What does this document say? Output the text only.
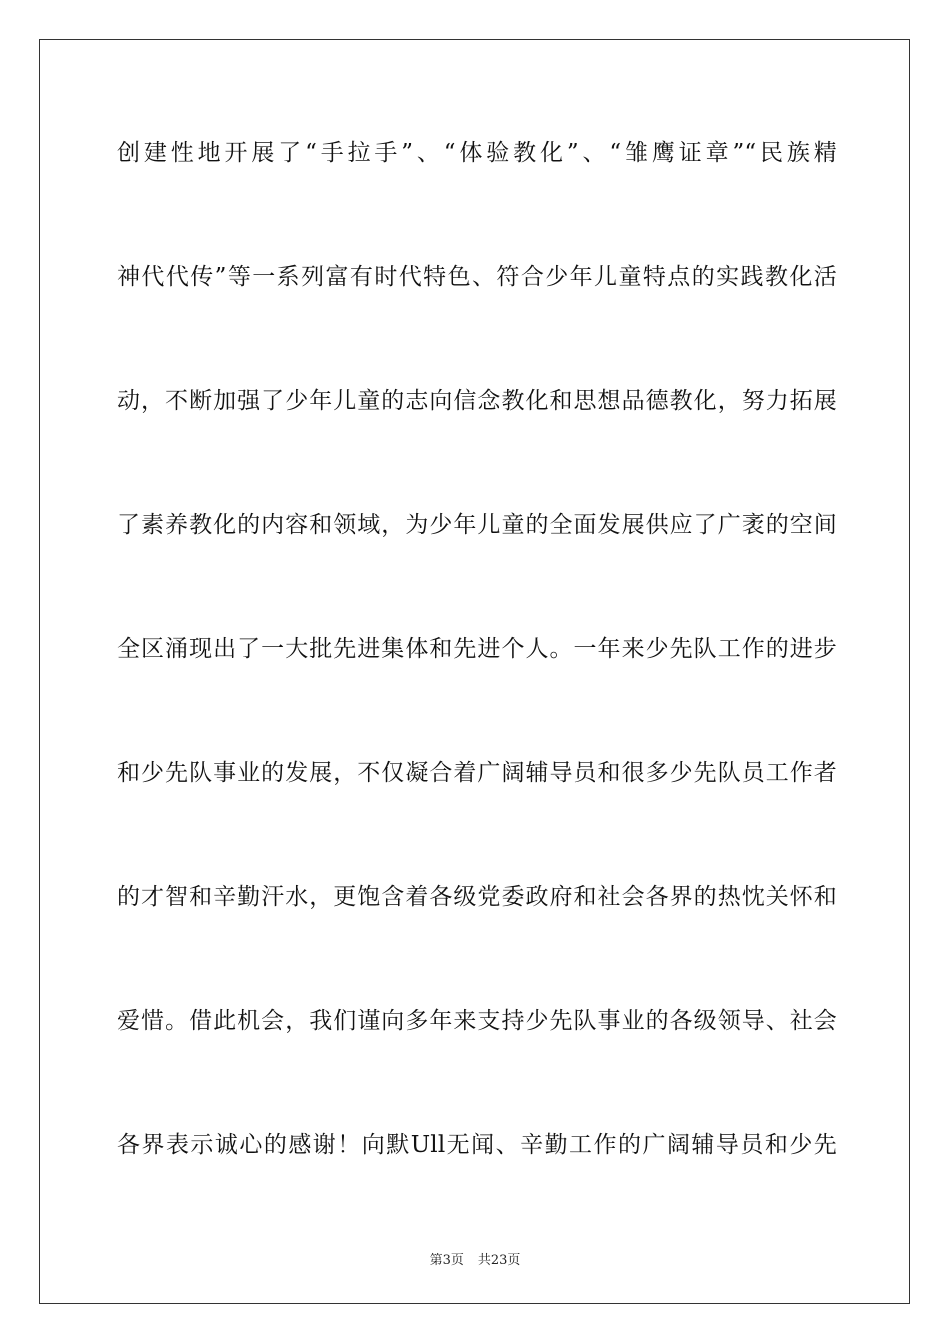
创建性地开展了“手拉手”、“体验教化”、“雏鹰证章”“民族精
神代代传”等一系列富有时代特色、符合少年儿童特点的实践教化活
动，不断加强了少年儿童的志向信念教化和思想品德教化，努力拓展
了素养教化的内容和领域，为少年儿童的全面发展供应了广袤的空间
全区涌现出了一大批先进集体和先进个人。一年来少先队工作的进步
和少先队事业的发展，不仅凝合着广阔辅导员和很多少先队员工作者
的才智和辛勤汗水，更饱含着各级党委政府和社会各界的热忱关怀和
爱惜。借此机会，我们谨向多年来支持少先队事业的各级领导、社会
各界表示诚心的感谢！向默Ull无闻、辛勤工作的广阔辅导员和少先
第3页 共23页
